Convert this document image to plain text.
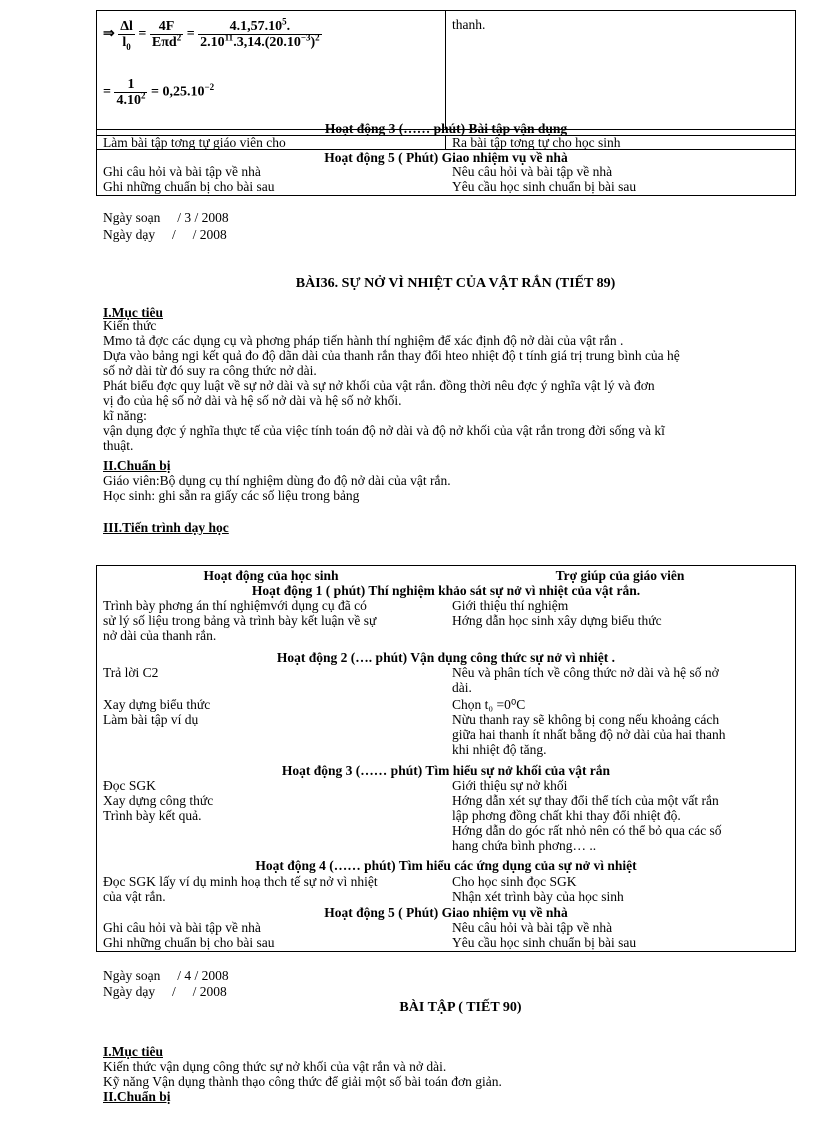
⇒ $\frac{\Delta l}{l_0} = \frac{4F}{E\pi d^2} = \frac{4.1,57.10^5.}{2.10^{11}.3,14.(20.10^{-3})^2}$
= $\frac{1}{4.10^2} = 0,25.10^{-2}$
thanh.
Hoạt động 3 (…… phút) Bài tập vận dụng
Làm bài tập tơng tự giáo viên cho	Ra bài tập tơng tự cho học sinh
Hoạt động 5 ( Phút) Giao nhiệm vụ về nhà
Ghi câu hỏi và bài tập về nhà
Ghi những chuẩn bị cho bài sau
Nêu câu hỏi và bài tập về nhà
Yêu cầu học sinh chuẩn bị bài sau
Ngày soạn     / 3 / 2008
Ngày dạy     /     / 2008
BÀI36. SỰ NỞ VÌ NHIỆT CỦA VẬT RẮN (TIẾT 89)
I.Mục tiêu
Kiến thức
Mmo tả đợc các dụng cụ và phơng pháp tiến hành thí nghiệm để xác định độ nở dài của vật rắn .
Dựa vào bảng ngi kết quả đo độ dãn dài của thanh rắn thay đổi hteo nhiệt độ t tính giá trị trung bình của hệ
số nở dài từ đó suy ra công thức nở dài.
Phát biểu đợc quy luật về sự nở dài và sự nở khối của vật rắn. đồng thời nêu đợc ý nghĩa vật lý và đơn
vị đo của hệ số nở dài và hệ số nở dài và hệ số nở khối.
kĩ năng:
vận dụng đợc ý nghĩa thực tế của việc tính toán độ nở dài và độ nở khối của vật rắn trong đời sống và kĩ
thuật.
II.Chuẩn bị
Giáo viên:Bộ dụng cụ thí nghiệm dùng đo độ nở dài của vật rắn.
Học sinh: ghi sẵn ra giấy các số liệu trong bảng
III.Tiến trình dạy học
Hoạt động của học sinh	Trợ giúp của giáo viên
Hoạt động 1 ( phút) Thí nghiệm khảo sát sự nở vì nhiệt của vật rắn.
Trình bày phơng án thí nghiệmvới dụng cụ đã có
sử lý số liệu trong bảng và trình bày kết luận về sự
nở dài của thanh rắn.
Giới thiệu thí nghiệm
Hớng dẫn học sinh xây dựng biểu thức
Hoạt động 2 (…. phút) Vận dụng công thức sự nở vì nhiệt .
Trả lời C2
Xay dựng biểu thức
Làm bài tập ví dụ
Nêu và phân tích về công thức nở dài và hệ số nở
dài.
Chọn t₀ =0⁰C
Nừu thanh ray sẽ không bị cong nếu khoảng cách
giữa hai thanh ít nhất bằng độ nở dài của hai thanh
khi nhiệt độ tăng.
Hoạt động 3 (…… phút) Tìm hiểu sự nở khối của vật rắn
Đọc SGK
Xay dựng công thức
Trình bày kết quả.
Giới thiệu sự nở khối
Hớng dẫn xét sự thay đổi thể tích của một vất rắn
lập phơng đồng chất khi thay đổi nhiệt độ.
Hớng dẫn do góc rất nhỏ nên có thể bỏ qua các số
hang chứa bình phơng… ..
Hoạt động 4 (…… phút) Tìm hiểu các ứng dụng của sự nở vì nhiệt
Đọc SGK lấy ví dụ minh hoạ thch tế sự nở vì nhiệt
của vật rắn.
Cho học sinh đọc SGK
Nhận xét trình bày của học sinh
Hoạt động 5 ( Phút) Giao nhiệm vụ về nhà
Ghi câu hỏi và bài tập về nhà
Ghi những chuẩn bị cho bài sau
Nêu câu hỏi và bài tập về nhà
Yêu cầu học sinh chuẩn bị bài sau
Ngày soạn     / 4 / 2008
Ngày dạy     /     / 2008
BÀI TẬP ( TIẾT 90)
I.Mục tiêu
Kiến thức vận dụng công thức sự nở khối của vật rắn và nở dài.
Kỹ năng Vận dụng thành thạo công thức để giải một số bài toán đơn giản.
II.Chuẩn bị
